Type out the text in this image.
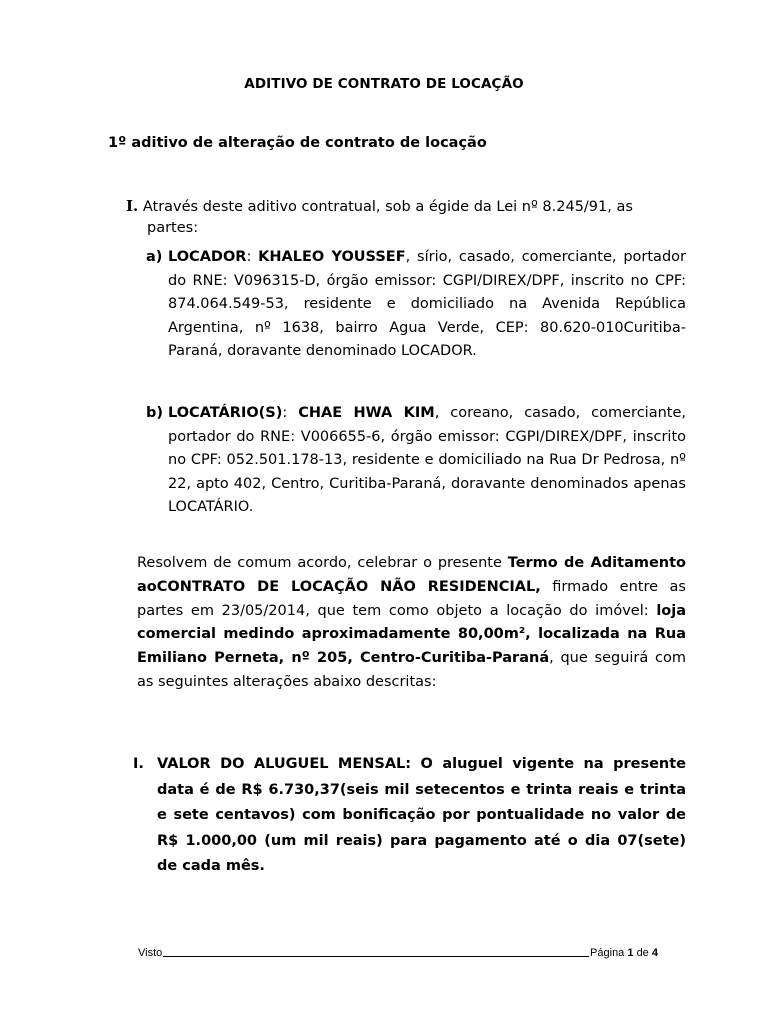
ADITIVO DE CONTRATO DE LOCAÇÃO
1º aditivo de alteração de contrato de locação
I. Através deste aditivo contratual, sob a égide da Lei nº 8.245/91, as
partes:
a) LOCADOR: KHALEO YOUSSEF, sírio, casado, comerciante, portador do RNE: V096315-D, órgão emissor: CGPI/DIREX/DPF, inscrito no CPF: 874.064.549-53, residente e domiciliado na Avenida República Argentina, nº 1638, bairro Agua Verde, CEP: 80.620-010Curitiba-Paraná, doravante denominado LOCADOR.
b) LOCATÁRIO(S): CHAE HWA KIM, coreano, casado, comerciante, portador do RNE: V006655-6, órgão emissor: CGPI/DIREX/DPF, inscrito no CPF: 052.501.178-13, residente e domiciliado na Rua Dr Pedrosa, nº 22, apto 402, Centro, Curitiba-Paraná, doravante denominados apenas LOCATÁRIO.
Resolvem de comum acordo, celebrar o presente Termo de Aditamento aoCONTRATO DE LOCAÇÃO NÃO RESIDENCIAL, firmado entre as partes em 23/05/2014, que tem como objeto a locação do imóvel: loja comercial medindo aproximadamente 80,00m², localizada na Rua Emiliano Perneta, nº 205, Centro-Curitiba-Paraná, que seguirá com as seguintes alterações abaixo descritas:
I. VALOR DO ALUGUEL MENSAL: O aluguel vigente na presente data é de R$ 6.730,37(seis mil setecentos e trinta reais e trinta e sete centavos) com bonificação por pontualidade no valor de R$ 1.000,00 (um mil reais) para pagamento até o dia 07(sete) de cada mês.
Visto	Página
1
de
4
